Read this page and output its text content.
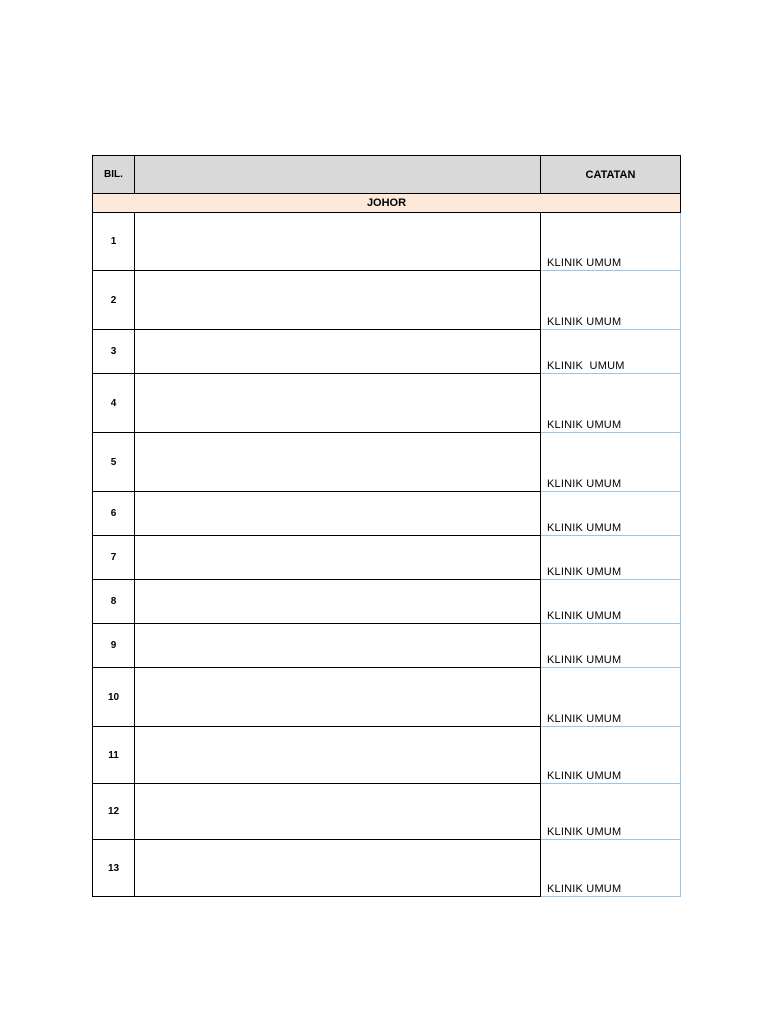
BIL.		CATATAN
JOHOR		
1		KLINIK UMUM
2		KLINIK UMUM
3		KLINIK  UMUM
4		KLINIK UMUM
5		KLINIK UMUM
6		KLINIK UMUM
7		KLINIK UMUM
8		KLINIK UMUM
9		KLINIK UMUM
10		KLINIK UMUM
11		KLINIK UMUM
12		KLINIK UMUM
13		KLINIK UMUM
